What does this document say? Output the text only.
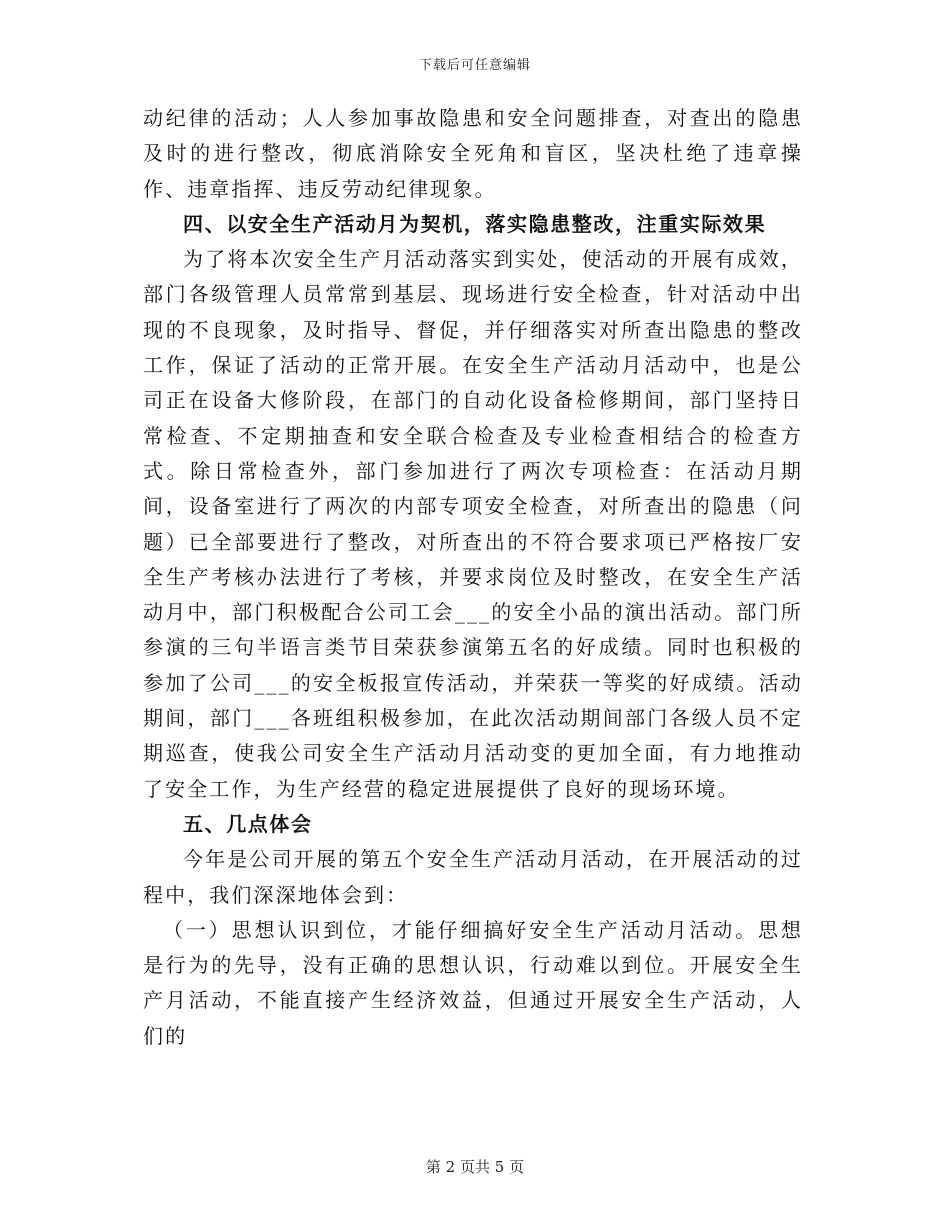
下载后可任意编辑

动纪律的活动；人人参加事故隐患和安全问题排查，对查出的隐患及时的进行整改，彻底消除安全死角和盲区，坚决杜绝了违章操作、违章指挥、违反劳动纪律现象。

四、以安全生产活动月为契机，落实隐患整改，注重实际效果

为了将本次安全生产月活动落实到实处，使活动的开展有成效，部门各级管理人员常常到基层、现场进行安全检查，针对活动中出现的不良现象，及时指导、督促，并仔细落实对所查出隐患的整改工作，保证了活动的正常开展。在安全生产活动月活动中，也是公司正在设备大修阶段，在部门的自动化设备检修期间，部门坚持日常检查、不定期抽查和安全联合检查及专业检查相结合的检查方式。除日常检查外，部门参加进行了两次专项检查：在活动月期间，设备室进行了两次的内部专项安全检查，对所查出的隐患（问题）已全部要进行了整改，对所查出的不符合要求项已严格按厂安全生产考核办法进行了考核，并要求岗位及时整改，在安全生产活动月中，部门积极配合公司工会___的安全小品的演出活动。部门所参演的三句半语言类节目荣获参演第五名的好成绩。同时也积极的参加了公司___的安全板报宣传活动，并荣获一等奖的好成绩。活动期间，部门___各班组积极参加，在此次活动期间部门各级人员不定期巡查，使我公司安全生产活动月活动变的更加全面，有力地推动了安全工作，为生产经营的稳定进展提供了良好的现场环境。

五、几点体会

今年是公司开展的第五个安全生产活动月活动，在开展活动的过程中，我们深深地体会到：

（一）思想认识到位，才能仔细搞好安全生产活动月活动。思想是行为的先导，没有正确的思想认识，行动难以到位。开展安全生产月活动，不能直接产生经济效益，但通过开展安全生产活动，人们的

第 2 页共 5 页
